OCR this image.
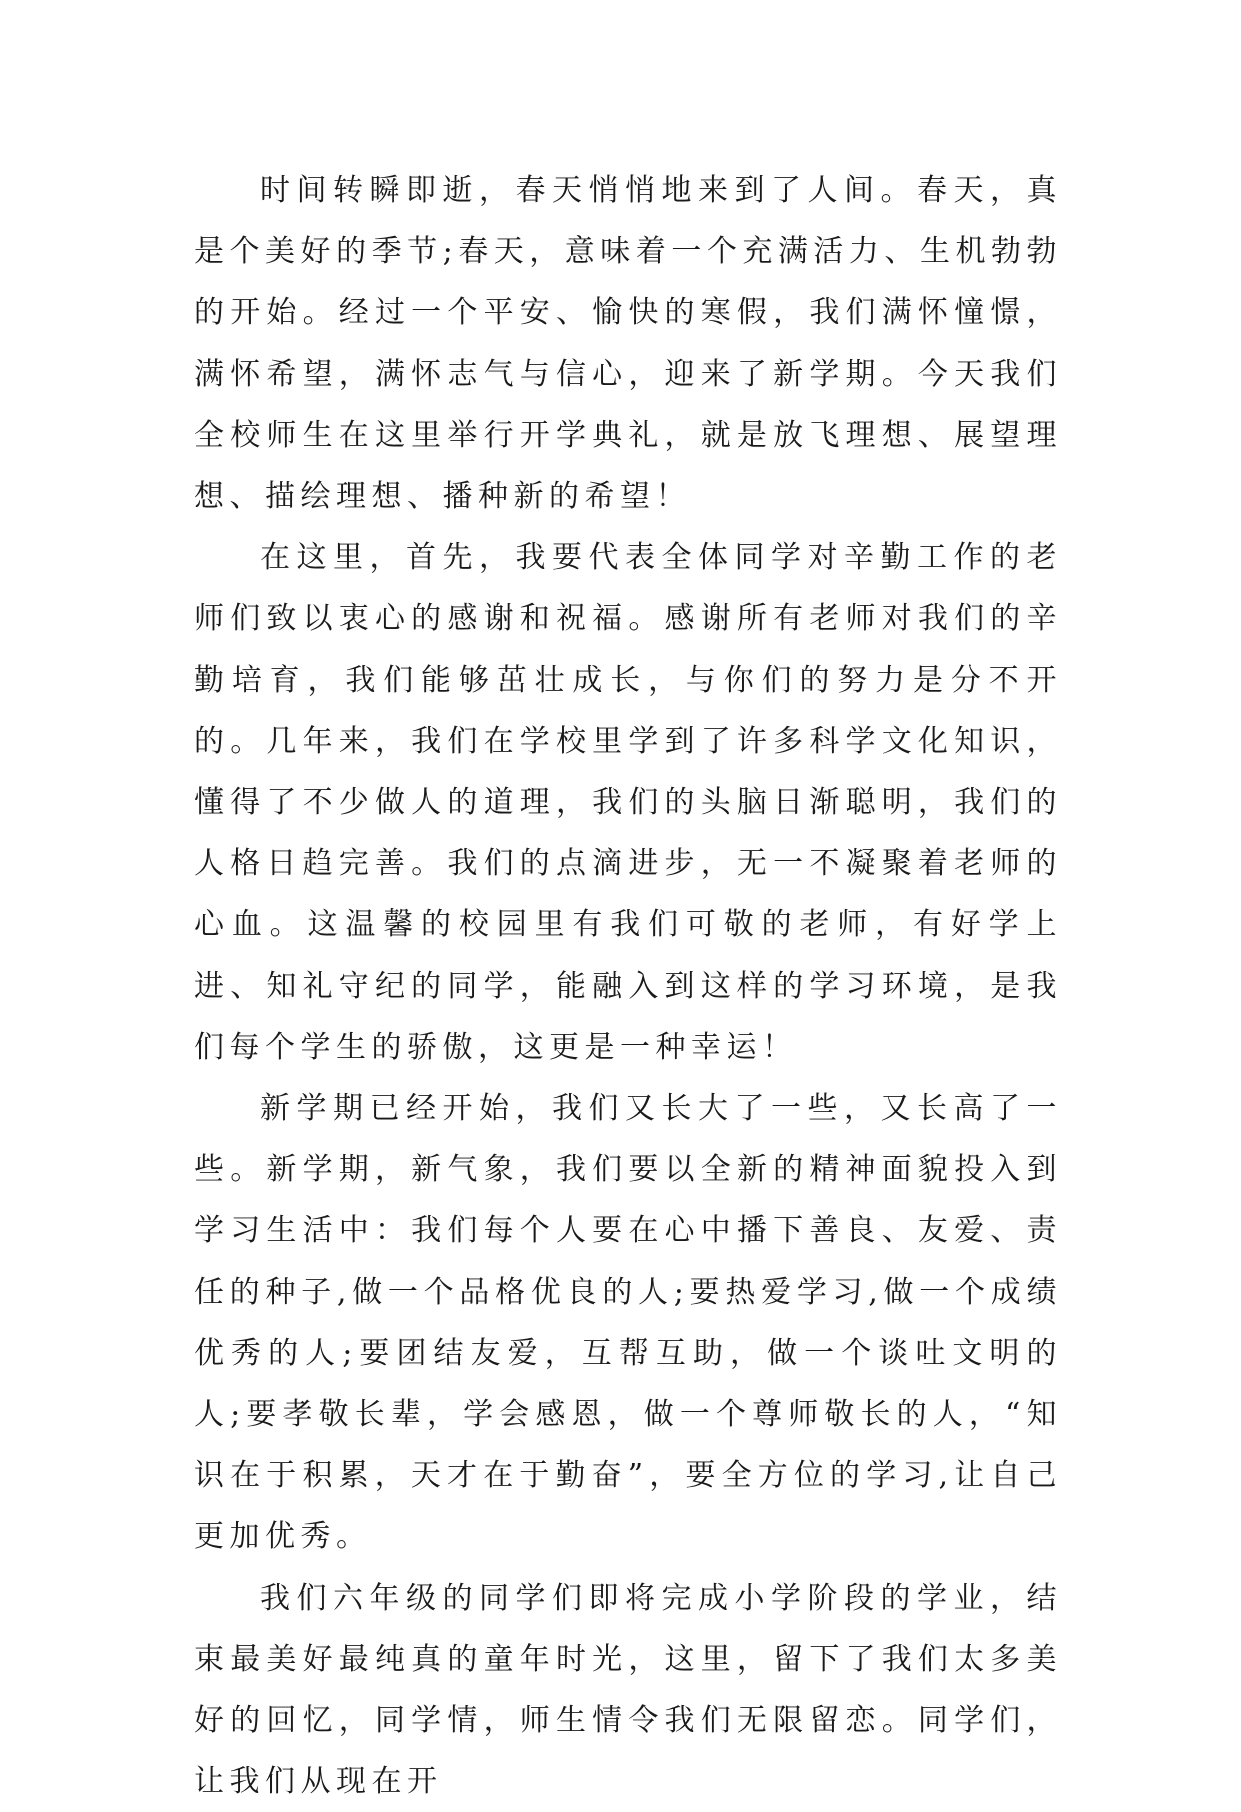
时间转瞬即逝，春天悄悄地来到了人间。春天，真是个美好的季节;春天，意味着一个充满活力、生机勃勃的开始。经过一个平安、愉快的寒假，我们满怀憧憬，满怀希望，满怀志气与信心，迎来了新学期。今天我们全校师生在这里举行开学典礼，就是放飞理想、展望理想、描绘理想、播种新的希望！

在这里，首先，我要代表全体同学对辛勤工作的老师们致以衷心的感谢和祝福。感谢所有老师对我们的辛勤培育，我们能够茁壮成长，与你们的努力是分不开的。几年来，我们在学校里学到了许多科学文化知识，懂得了不少做人的道理，我们的头脑日渐聪明，我们的人格日趋完善。我们的点滴进步，无一不凝聚着老师的心血。这温馨的校园里有我们可敬的老师，有好学上进、知礼守纪的同学，能融入到这样的学习环境，是我们每个学生的骄傲，这更是一种幸运！

新学期已经开始，我们又长大了一些，又长高了一些。新学期，新气象，我们要以全新的精神面貌投入到学习生活中：我们每个人要在心中播下善良、友爱、责任的种子,做一个品格优良的人;要热爱学习,做一个成绩优秀的人;要团结友爱，互帮互助，做一个谈吐文明的人;要孝敬长辈，学会感恩，做一个尊师敬长的人，“知识在于积累，天才在于勤奋”，要全方位的学习,让自己更加优秀。

我们六年级的同学们即将完成小学阶段的学业，结束最美好最纯真的童年时光，这里，留下了我们太多美好的回忆，同学情，师生情令我们无限留恋。同学们，让我们从现在开
